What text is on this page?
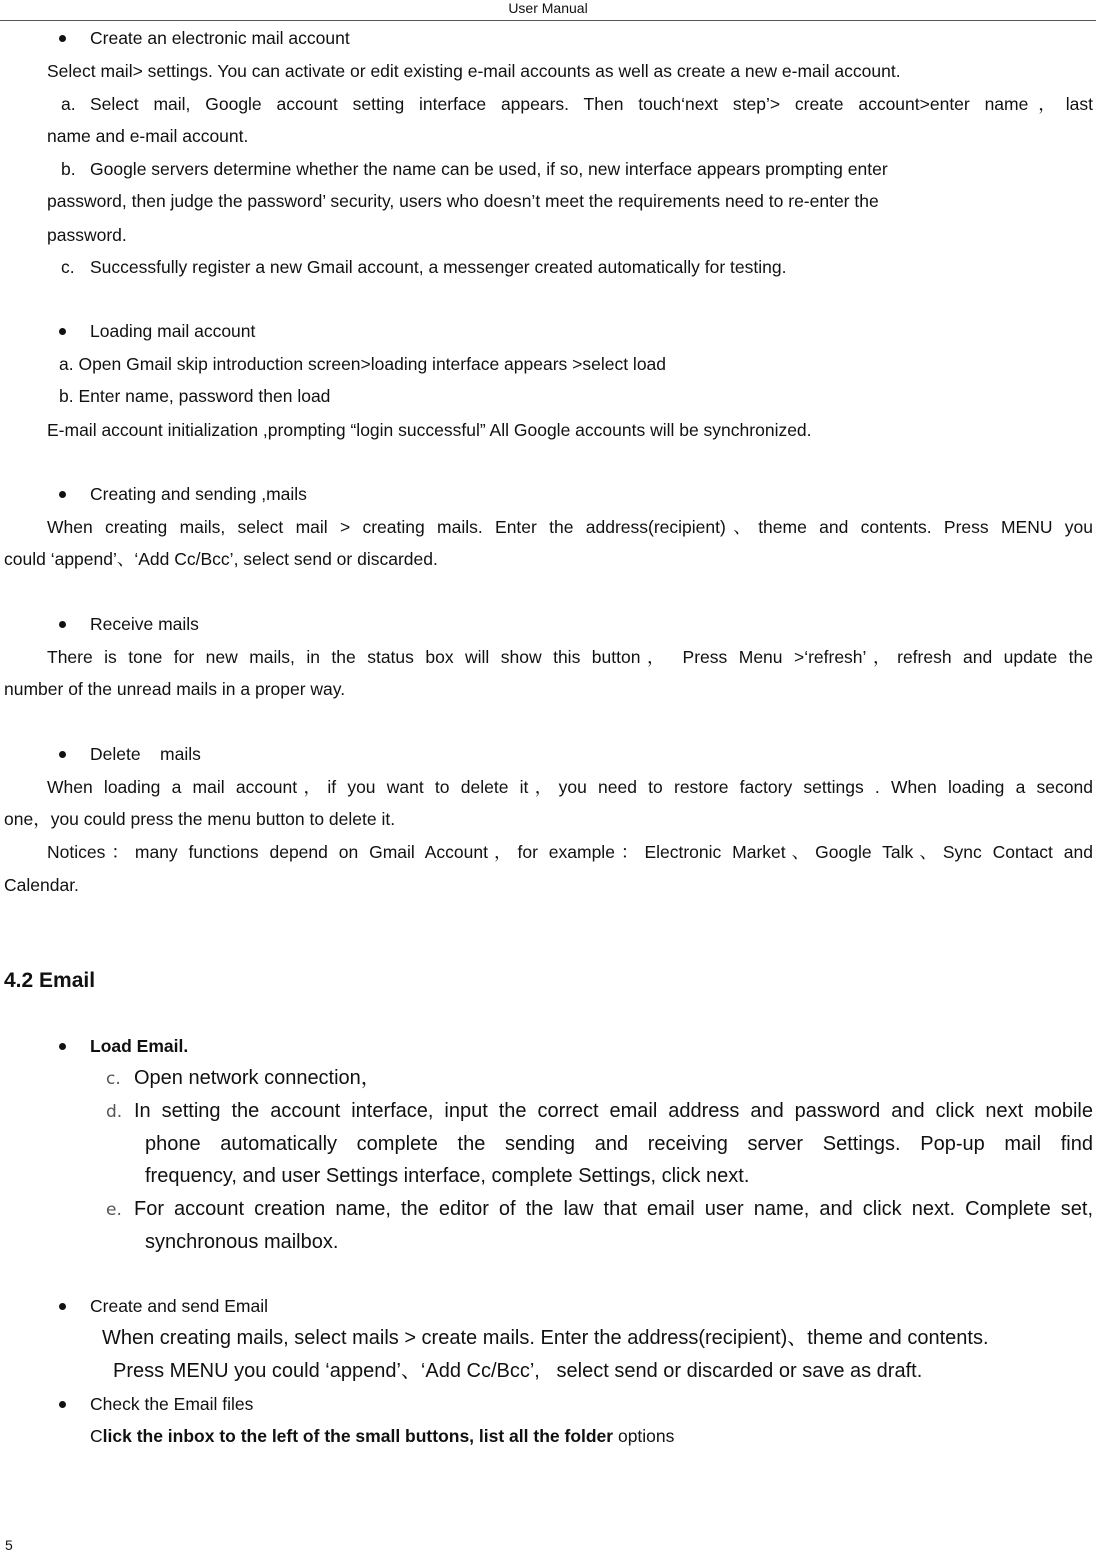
User Manual
Create an electronic mail account
Select mail> settings. You can activate or edit existing e-mail accounts as well as create a new e-mail account.
a. Select mail, Google account setting interface appears. Then touch‘next step’> create account>enter name，last
name and e-mail account.
b. Google servers determine whether the name can be used, if so, new interface appears prompting enter
password, then judge the password’ security, users who doesn’t meet the requirements need to re-enter the
password.
c. Successfully register a new Gmail account, a messenger created automatically for testing.
Loading mail account
a. Open Gmail skip introduction screen>loading interface appears >select load
b. Enter name, password then load
E-mail account initialization ,prompting “login successful” All Google accounts will be synchronized.
Creating and sending ,mails
When creating mails, select mail > creating mails. Enter the address(recipient)、theme and contents. Press MENU you
could ‘append’、‘Add Cc/Bcc’, select send or discarded.
Receive mails
There is tone for new mails, in the status box will show this button， Press Menu >‘refresh’，refresh and update the
number of the unread mails in a proper way.
Delete    mails
When loading a mail account，if you want to delete it，you need to restore factory settings . When loading a second
one，you could press the menu button to delete it.
Notices：many functions depend on Gmail Account，for example：Electronic Market、Google Talk、Sync Contact and
Calendar.
4.2 Email
Load Email.
c. Open network connection，
d. In setting the account interface, input the correct email address and password and click next mobile
phone automatically complete the sending and receiving server Settings. Pop-up mail find
frequency, and user Settings interface, complete Settings, click next.
e. For account creation name, the editor of the law that email user name, and click next. Complete set,
synchronous mailbox.
Create and send Email
When creating mails, select mails > create mails. Enter the address(recipient)、theme and contents.
Press MENU you could ‘append’、‘Add Cc/Bcc’,   select send or discarded or save as draft.
Check the Email files
Click the inbox to the left of the small buttons, list all the folder options
5
